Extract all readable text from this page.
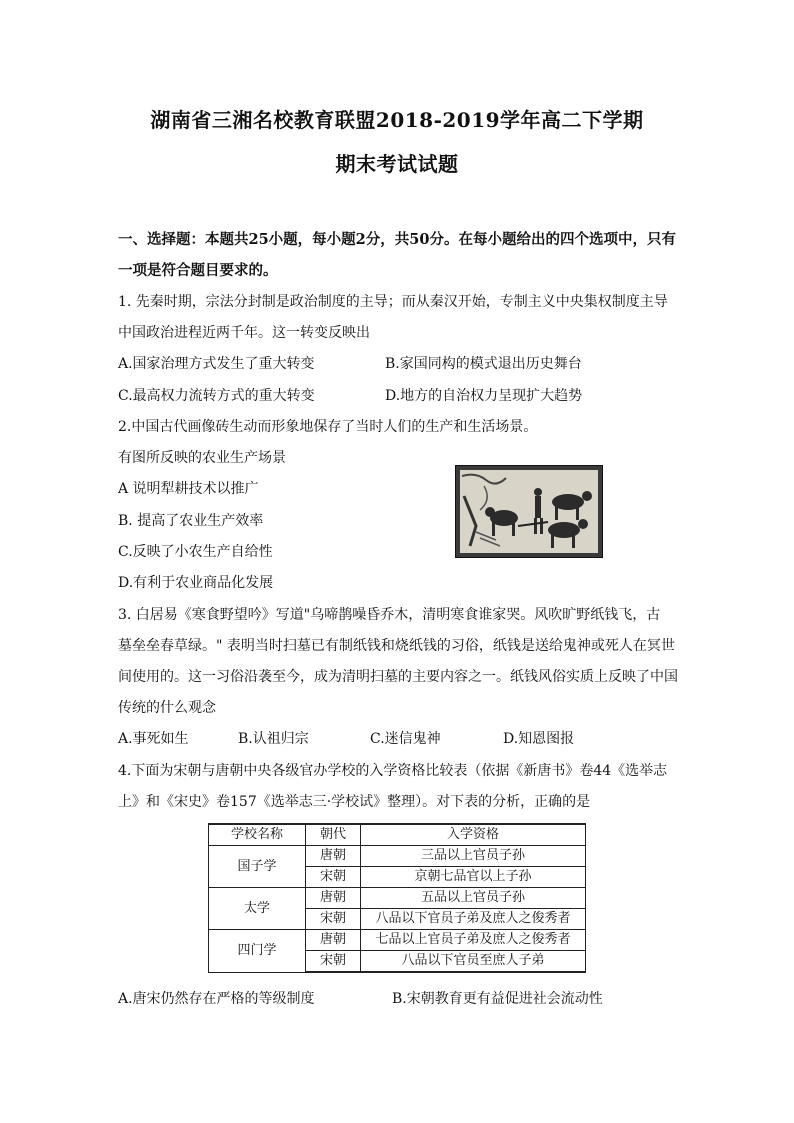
湖南省三湘名校教育联盟2018-2019学年高二下学期
期末考试试题
一、选择题：本题共25小题，每小题2分，共50分。在每小题给出的四个选项中，只有
一项是符合题目要求的。
1. 先秦时期，宗法分封制是政治制度的主导；而从秦汉开始，专制主义中央集权制度主导
中国政治进程近两千年。这一转变反映出
A.国家治理方式发生了重大转变	B.家国同构的模式退出历史舞台
C.最高权力流转方式的重大转变	D.地方的自治权力呈现扩大趋势
2.中国古代画像砖生动而形象地保存了当时人们的生产和生活场景。
有图所反映的农业生产场景
A 说明犁耕技术以推广
B. 提高了农业生产效率
C.反映了小农生产自给性
D.有利于农业商品化发展
3. 白居易《寒食野望吟》写道"乌啼鹊噪昏乔木，清明寒食谁家哭。风吹旷野纸钱飞，古
墓垒垒春草绿。" 表明当时扫墓已有制纸钱和烧纸钱的习俗，纸钱是送给鬼神或死人在冥世
间使用的。这一习俗沿袭至今，成为清明扫墓的主要内容之一。纸钱风俗实质上反映了中国
传统的什么观念
A.事死如生	B.认祖归宗	C.迷信鬼神	D.知恩图报
4.下面为宋朝与唐朝中央各级官办学校的入学资格比较表（依据《新唐书》卷44《选举志
上》和《宋史》卷157《选举志三·学校试》整理）。对下表的分析，正确的是
学校名称	朝代	入学资格
国子学	唐朝	三品以上官员子孙
	宋朝	京朝七品官以上子孙
太学	唐朝	五品以上官员子孙
	宋朝	八品以下官员子弟及庶人之俊秀者
四门学	唐朝	七品以上官员子弟及庶人之俊秀者
	宋朝	八品以下官员至庶人子弟
A.唐宋仍然存在严格的等级制度	B.宋朝教育更有益促进社会流动性
